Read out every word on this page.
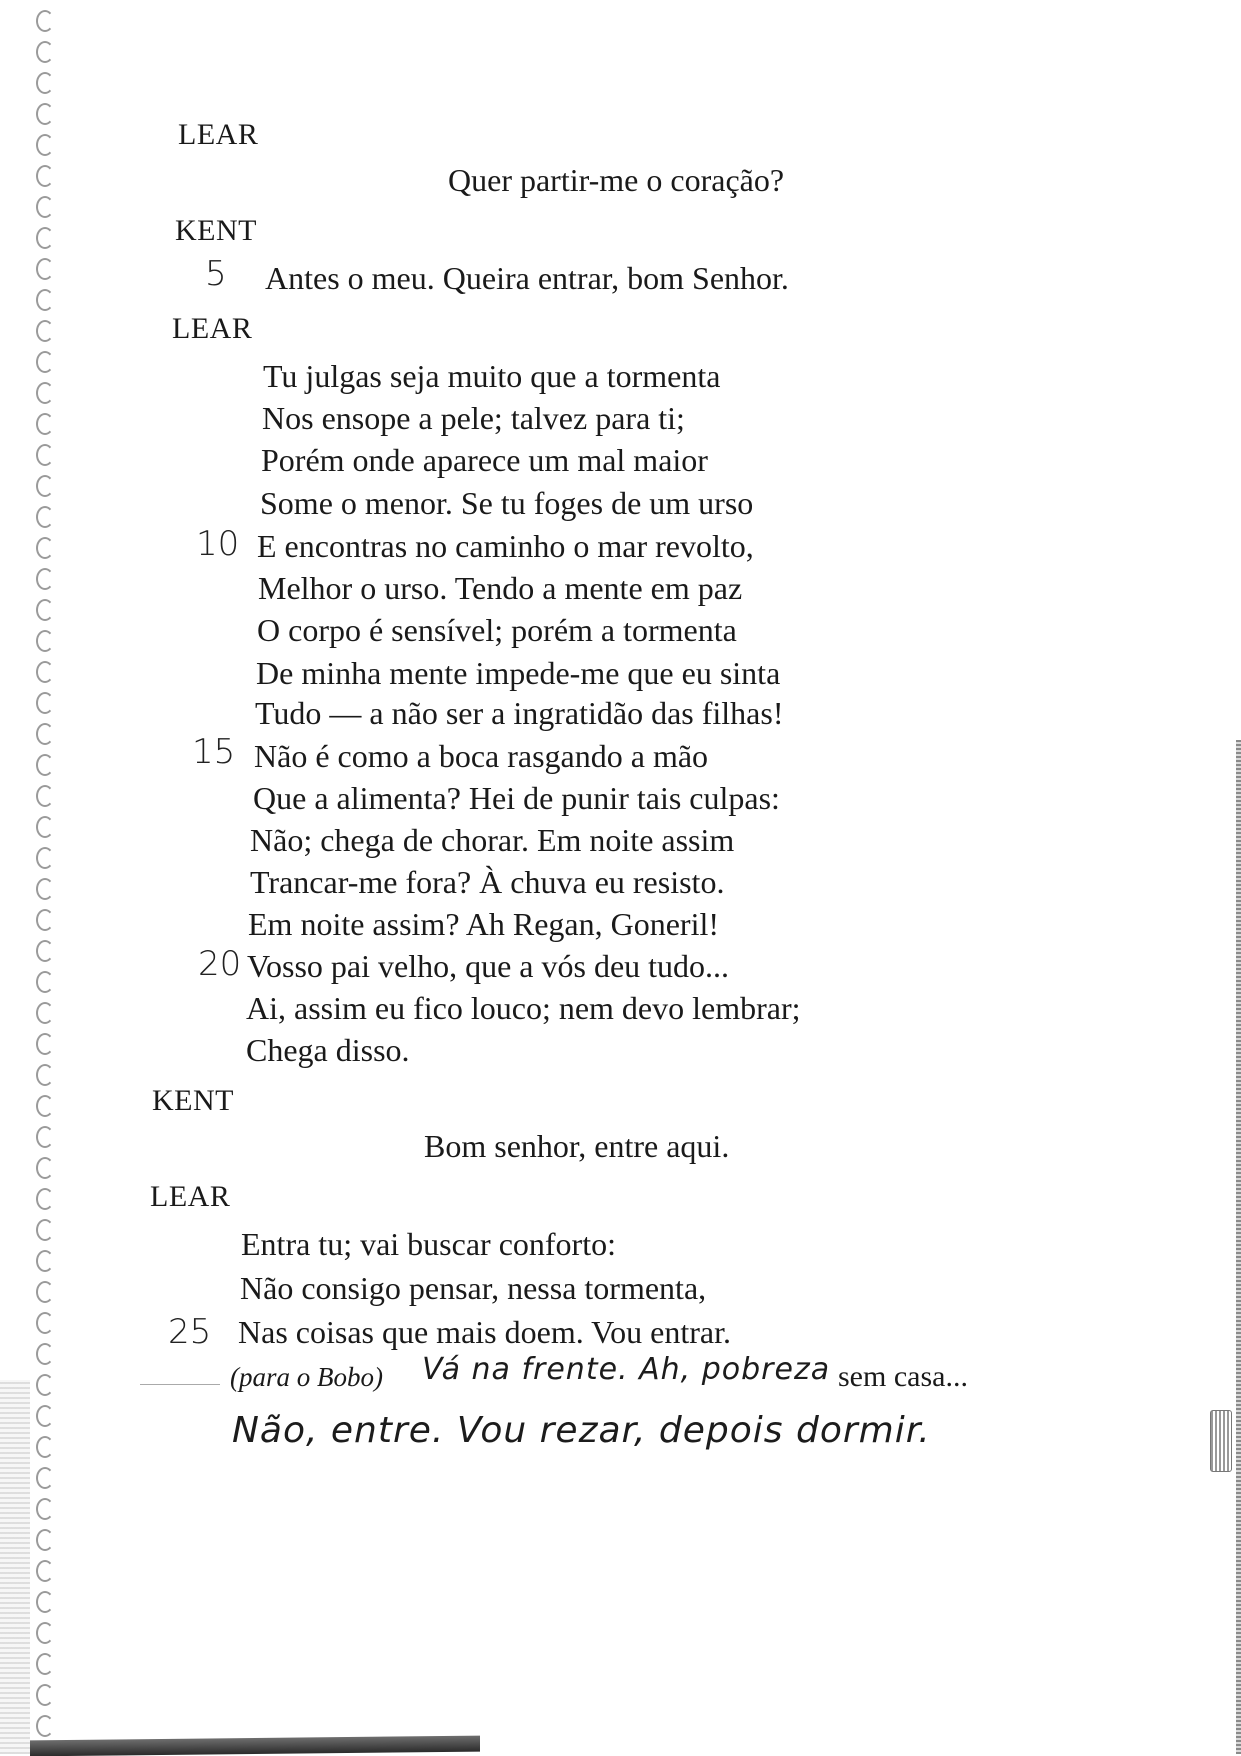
LEAR
Quer partir-me o coração?
KENT
5 Antes o meu. Queira entrar, bom Senhor.
LEAR
Tu julgas seja muito que a tormenta
Nos ensope a pele; talvez para ti;
Porém onde aparece um mal maior
Some o menor. Se tu foges de um urso
10 E encontras no caminho o mar revolto,
Melhor o urso. Tendo a mente em paz
O corpo é sensível; porém a tormenta
De minha mente impede-me que eu sinta
Tudo — a não ser a ingratidão das filhas!
15 Não é como a boca rasgando a mão
Que a alimenta? Hei de punir tais culpas:
Não; chega de chorar. Em noite assim
Trancar-me fora? À chuva eu resisto.
Em noite assim? Ah Regan, Goneril!
20 Vosso pai velho, que a vós deu tudo...
Ai, assim eu fico louco; nem devo lembrar;
Chega disso.
KENT
Bom senhor, entre aqui.
LEAR
Entra tu; vai buscar conforto:
Não consigo pensar, nessa tormenta,
25 Nas coisas que mais doem. Vou entrar.
(para o Bobo) Vá na frente. Ah, pobreza sem casa...
Não, entre. Vou rezar, depois dormir.
